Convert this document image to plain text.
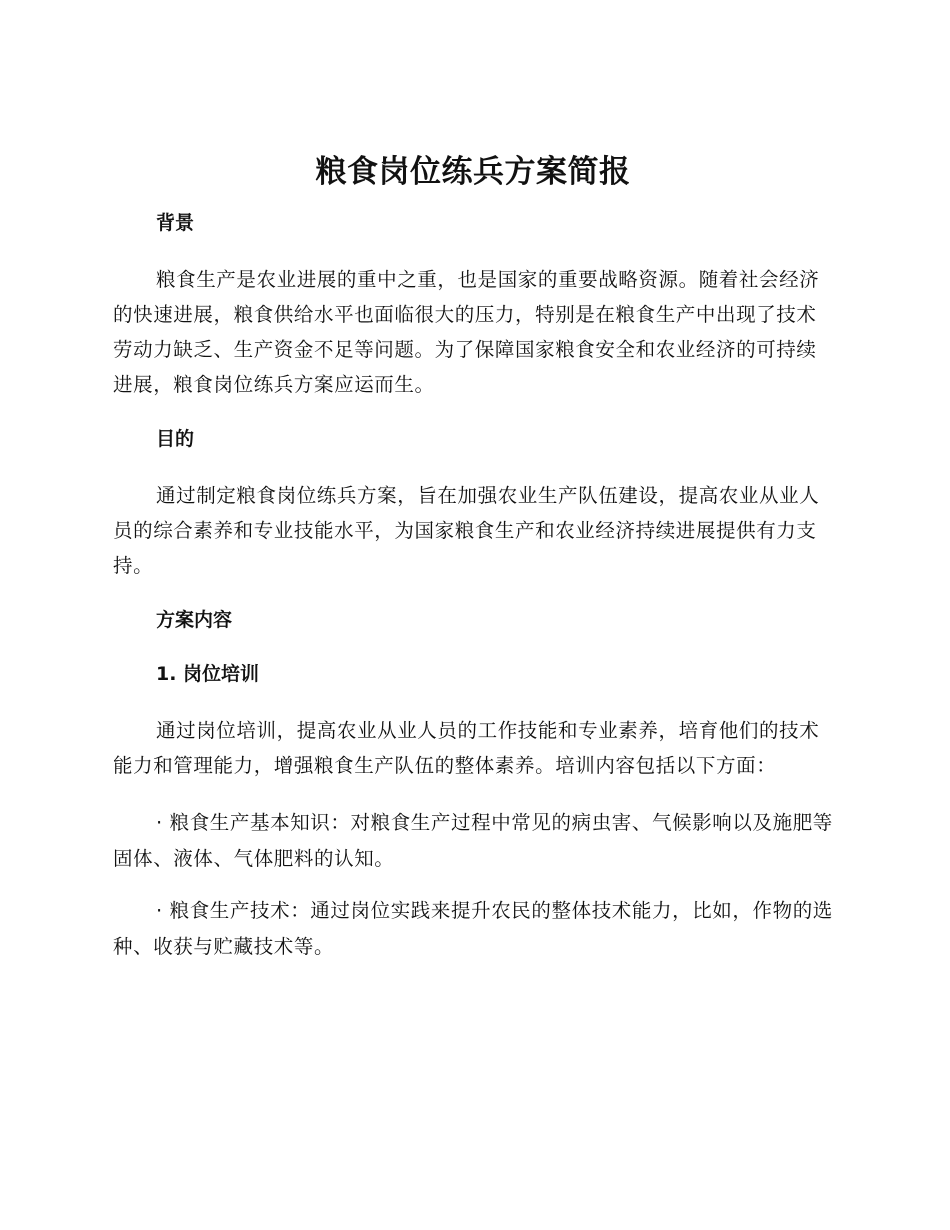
粮食岗位练兵方案简报
背景

粮食生产是农业进展的重中之重，也是国家的重要战略资源。随着社会经济的快速进展，粮食供给水平也面临很大的压力，特别是在粮食生产中出现了技术劳动力缺乏、生产资金不足等问题。为了保障国家粮食安全和农业经济的可持续进展，粮食岗位练兵方案应运而生。

目的

通过制定粮食岗位练兵方案，旨在加强农业生产队伍建设，提高农业从业人员的综合素养和专业技能水平，为国家粮食生产和农业经济持续进展提供有力支持。

方案内容
1. 岗位培训

通过岗位培训，提高农业从业人员的工作技能和专业素养，培育他们的技术能力和管理能力，增强粮食生产队伍的整体素养。培训内容包括以下方面：

· 粮食生产基本知识：对粮食生产过程中常见的病虫害、气候影响以及施肥等固体、液体、气体肥料的认知。

· 粮食生产技术：通过岗位实践来提升农民的整体技术能力，比如，作物的选种、收获与贮藏技术等。
